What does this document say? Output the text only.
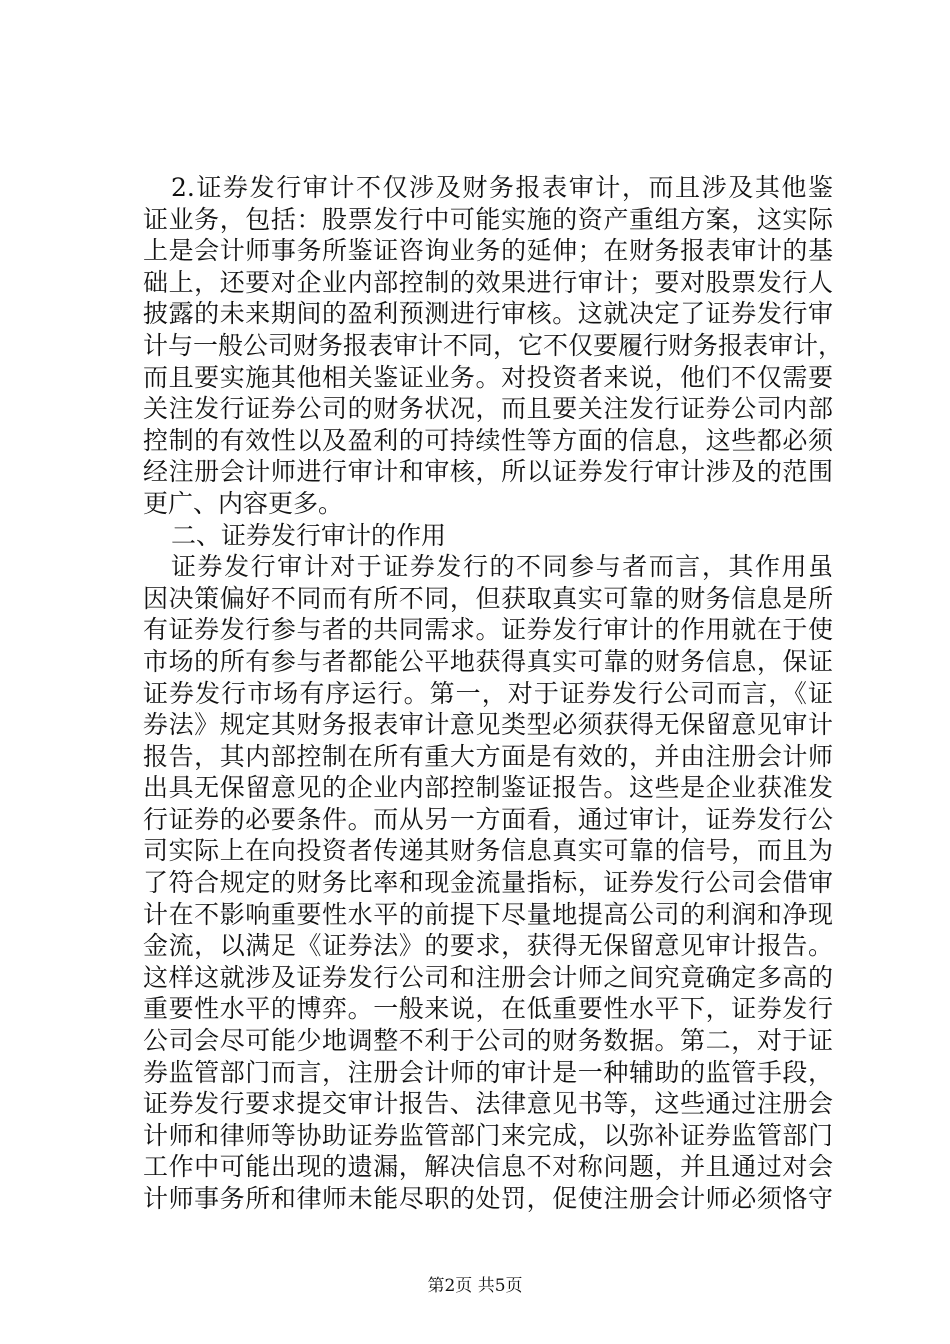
2.证券发行审计不仅涉及财务报表审计，而且涉及其他鉴
证业务，包括：股票发行中可能实施的资产重组方案，这实际
上是会计师事务所鉴证咨询业务的延伸；在财务报表审计的基
础上，还要对企业内部控制的效果进行审计；要对股票发行人
披露的未来期间的盈利预测进行审核。这就决定了证券发行审
计与一般公司财务报表审计不同，它不仅要履行财务报表审计，
而且要实施其他相关鉴证业务。对投资者来说，他们不仅需要
关注发行证券公司的财务状况，而且要关注发行证券公司内部
控制的有效性以及盈利的可持续性等方面的信息，这些都必须
经注册会计师进行审计和审核，所以证券发行审计涉及的范围
更广、内容更多。
二、证券发行审计的作用
证券发行审计对于证券发行的不同参与者而言，其作用虽
因决策偏好不同而有所不同，但获取真实可靠的财务信息是所
有证券发行参与者的共同需求。证券发行审计的作用就在于使
市场的所有参与者都能公平地获得真实可靠的财务信息，保证
证券发行市场有序运行。第一，对于证券发行公司而言，《证
券法》规定其财务报表审计意见类型必须获得无保留意见审计
报告，其内部控制在所有重大方面是有效的，并由注册会计师
出具无保留意见的企业内部控制鉴证报告。这些是企业获准发
行证券的必要条件。而从另一方面看，通过审计，证券发行公
司实际上在向投资者传递其财务信息真实可靠的信号，而且为
了符合规定的财务比率和现金流量指标，证券发行公司会借审
计在不影响重要性水平的前提下尽量地提高公司的利润和净现
金流，以满足《证券法》的要求，获得无保留意见审计报告。
这样这就涉及证券发行公司和注册会计师之间究竟确定多高的
重要性水平的博弈。一般来说，在低重要性水平下，证券发行
公司会尽可能少地调整不利于公司的财务数据。第二，对于证
券监管部门而言，注册会计师的审计是一种辅助的监管手段，
证券发行要求提交审计报告、法律意见书等，这些通过注册会
计师和律师等协助证券监管部门来完成，以弥补证券监管部门
工作中可能出现的遗漏，解决信息不对称问题，并且通过对会
计师事务所和律师未能尽职的处罚，促使注册会计师必须恪守
第2页 共5页
